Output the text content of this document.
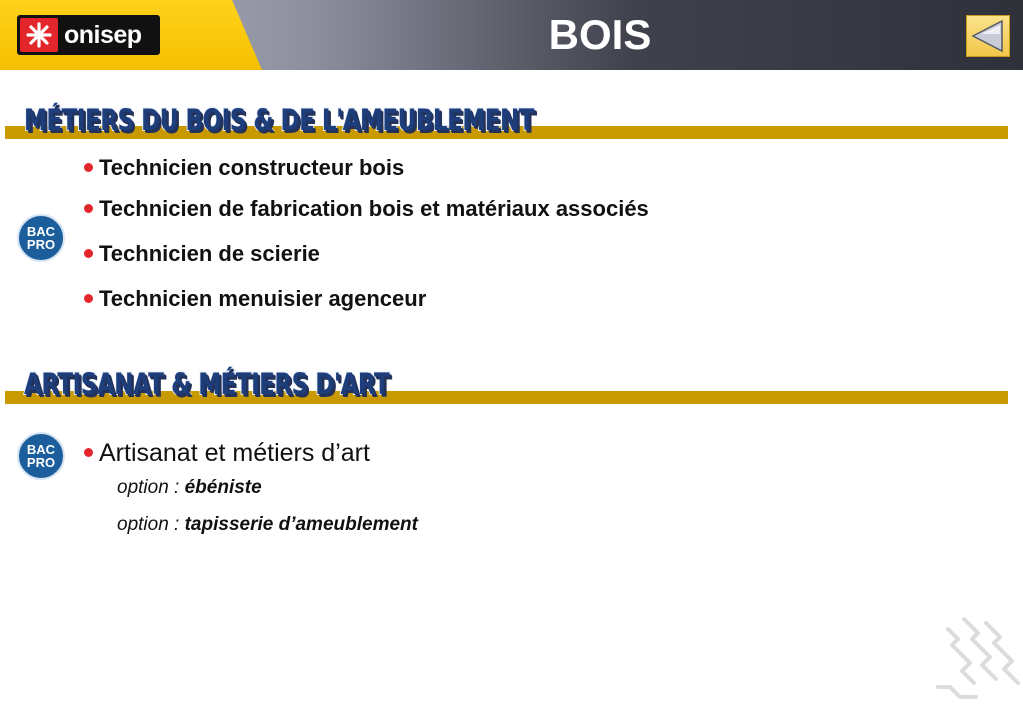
onisep	BOIS
MÉTIERS DU BOIS & DE L'AMEUBLEMENT
BAC
PRO
Technicien constructeur bois
Technicien de fabrication bois et matériaux associés
Technicien de scierie
Technicien menuisier agenceur
ARTISANAT & MÉTIERS D'ART
BAC
PRO	Artisanat et métiers d’art
option : ébéniste
option : tapisserie d’ameublement
